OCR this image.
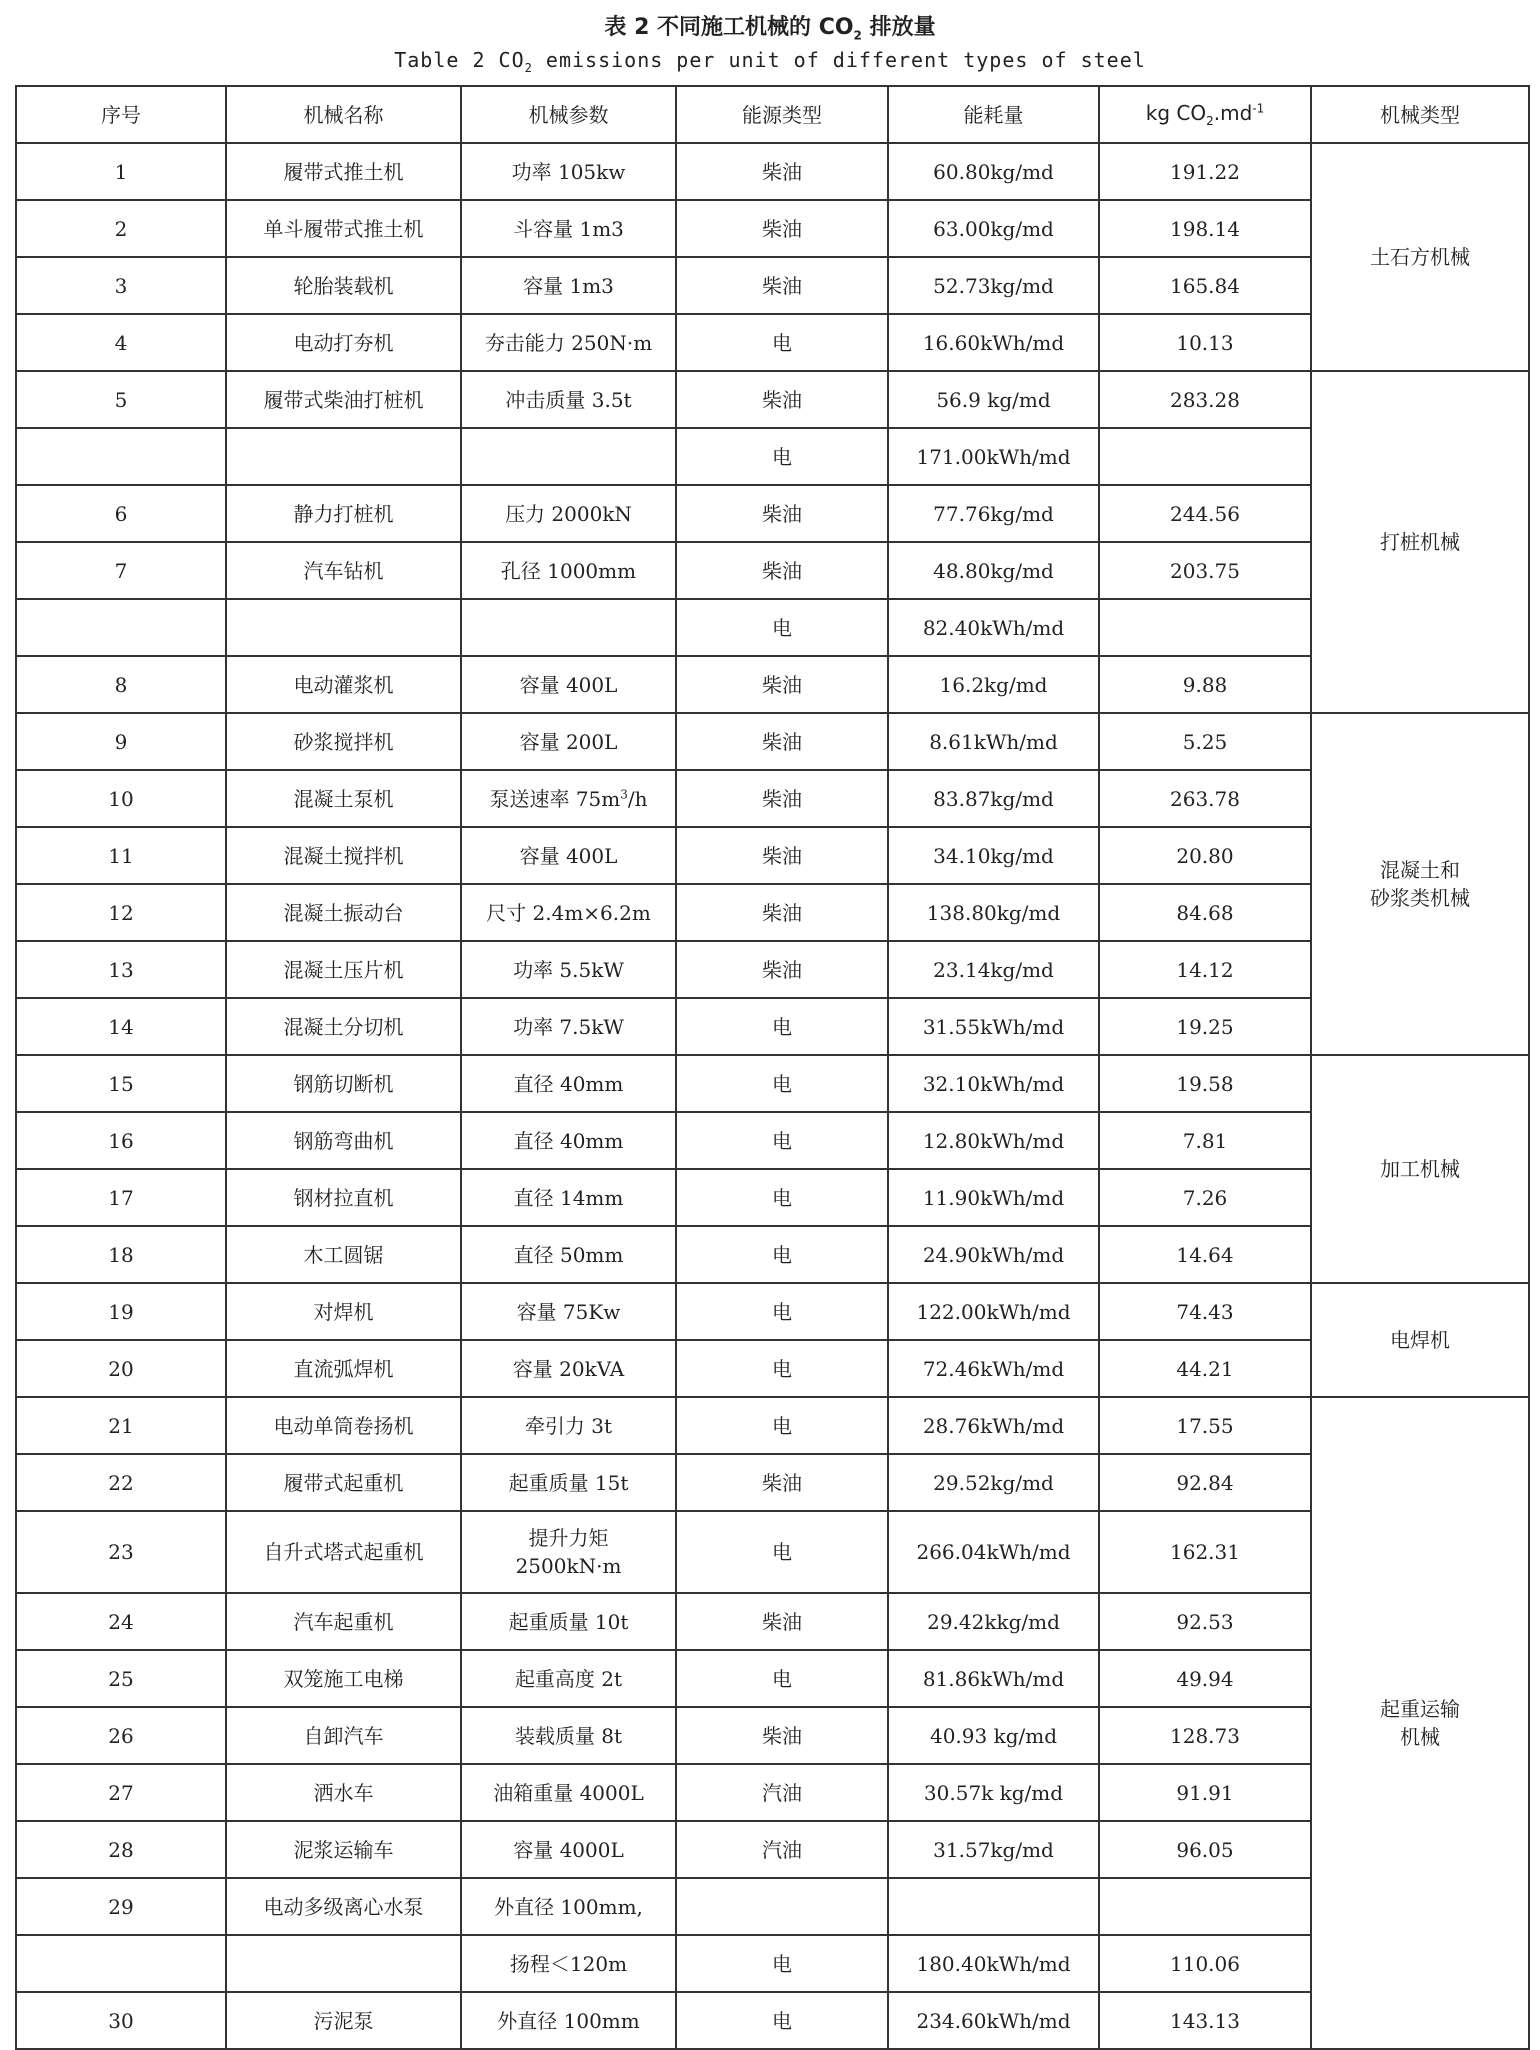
表 2 不同施工机械的 $CO_2$ 排放量
Table 2 $CO_2$ emissions per unit of different types of steel
序号	机械名称	机械参数	能源类型	能耗量	kg $CO_2.md^{-1}$	机械类型
1	履带式推土机	功率 105kw	柴油	60.80kg/md	191.22	土石方机械
2	单斗履带式推土机	斗容量 1m3	柴油	63.00kg/md	198.14	
3	轮胎装载机	容量 1m3	柴油	52.73kg/md	165.84	
4	电动打夯机	夯击能力 250N·m	电	16.60kWh/md	10.13	
5	履带式柴油打桩机	冲击质量 3.5t	柴油	56.9 kg/md	283.28	打桩机械
			电	171.00kWh/md		
6	静力打桩机	压力 2000kN	柴油	77.76kg/md	244.56	
7	汽车钻机	孔径 1000mm	柴油	48.80kg/md	203.75	
			电	82.40kWh/md		
8	电动灌浆机	容量 400L	柴油	16.2kg/md	9.88	
9	砂浆搅拌机	容量 200L	柴油	8.61kWh/md	5.25	混凝土和
砂浆类机械
10	混凝土泵机	泵送速率 $75m^3/h$	柴油	83.87kg/md	263.78	
11	混凝土搅拌机	容量 400L	柴油	34.10kg/md	20.80	
12	混凝土振动台	尺寸 2.4m×6.2m	柴油	138.80kg/md	84.68	
13	混凝土压片机	功率 5.5kW	柴油	23.14kg/md	14.12	
14	混凝土分切机	功率 7.5kW	电	31.55kWh/md	19.25	
15	钢筋切断机	直径 40mm	电	32.10kWh/md	19.58	加工机械
16	钢筋弯曲机	直径 40mm	电	12.80kWh/md	7.81	
17	钢材拉直机	直径 14mm	电	11.90kWh/md	7.26	
18	木工圆锯	直径 50mm	电	24.90kWh/md	14.64	
19	对焊机	容量 75Kw	电	122.00kWh/md	74.43	电焊机
20	直流弧焊机	容量 20kVA	电	72.46kWh/md	44.21	
21	电动单筒卷扬机	牵引力 3t	电	28.76kWh/md	17.55	起重运输
机械
22	履带式起重机	起重质量 15t	柴油	29.52kg/md	92.84	
23	自升式塔式起重机	提升力矩
2500kN·m	电	266.04kWh/md	162.31	
24	汽车起重机	起重质量 10t	柴油	29.42kkg/md	92.53	
25	双笼施工电梯	起重高度 2t	电	81.86kWh/md	49.94	
26	自卸汽车	装载质量 8t	柴油	40.93 kg/md	128.73	
27	洒水车	油箱重量 4000L	汽油	30.57k kg/md	91.91	
28	泥浆运输车	容量 4000L	汽油	31.57kg/md	96.05	
29	电动多级离心水泵	外直径 100mm,				
		扬程＜120m	电	180.40kWh/md	110.06	
30	污泥泵	外直径 100mm	电	234.60kWh/md	143.13	
